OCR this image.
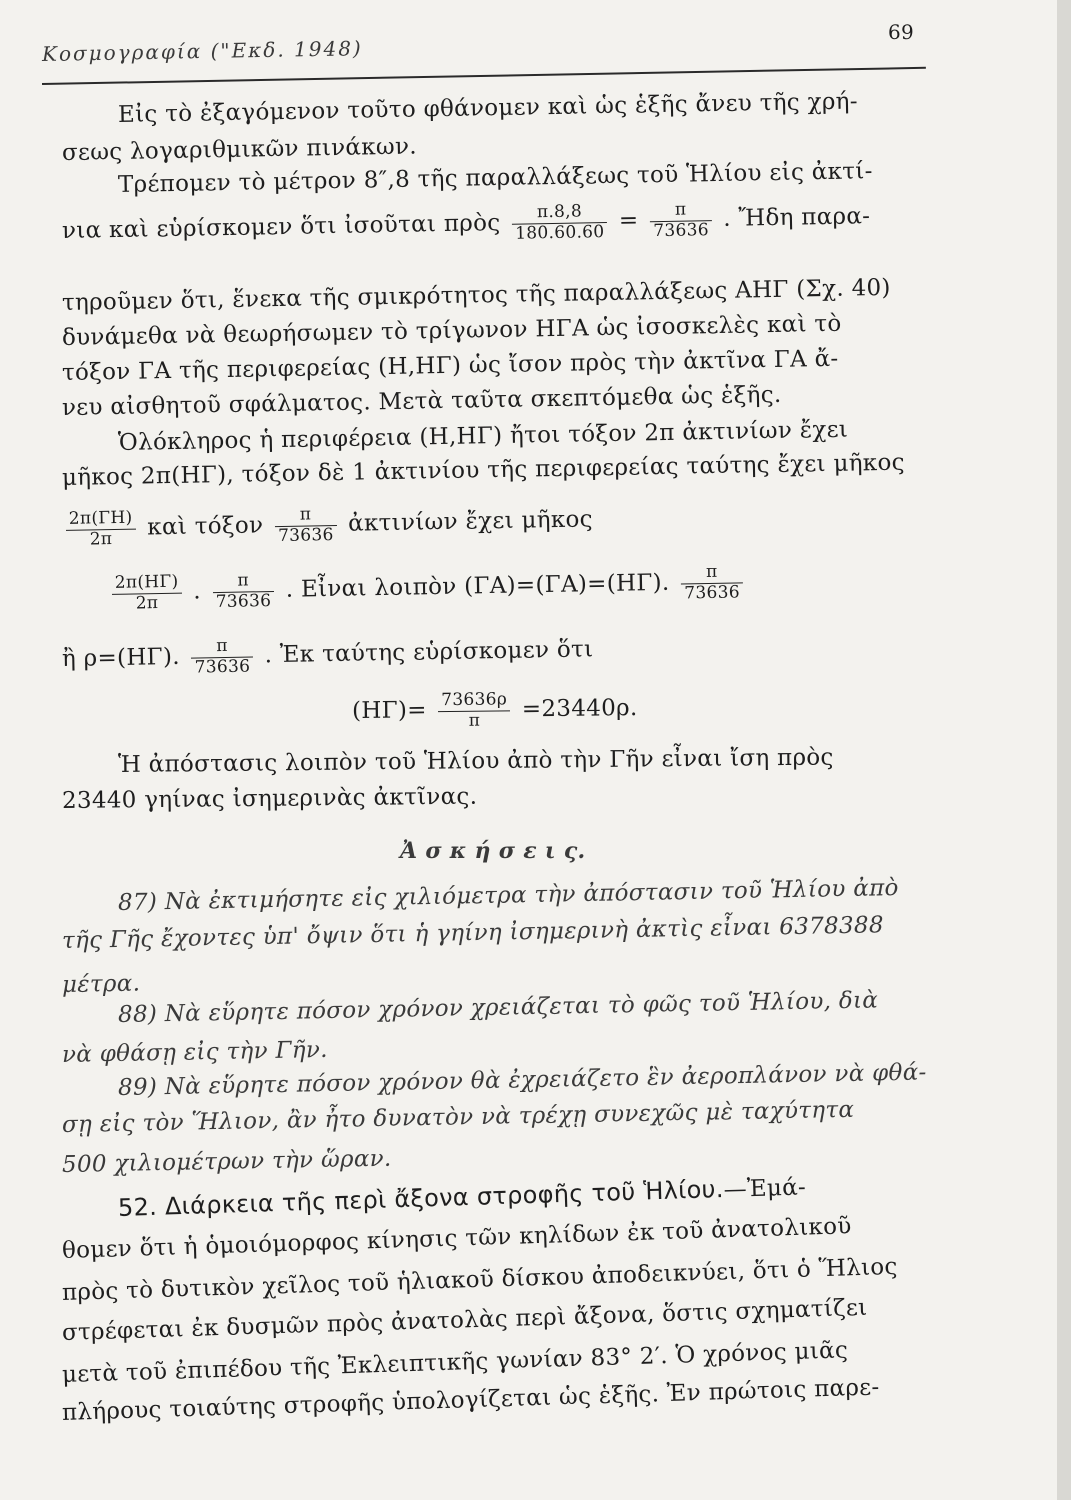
Κοσμογραφία ("Εκδ. 1948)
69
Εἰς τὸ ἐξαγόμενον τοῦτο φθάνομεν καὶ ὡς ἑξῆς ἄνευ τῆς χρή-
σεως λογαριθμικῶν πινάκων.
Τρέπομεν τὸ μέτρον 8″,8 τῆς παραλλάξεως τοῦ Ἡλίου εἰς ἀκτί-
νια καὶ εὑρίσκομεν ὅτι ἰσοῦται πρὸς $\frac{\pi.8,8}{180.60.60} = \frac{\pi}{73636}$ . Ἤδη παρα-
τηροῦμεν ὅτι, ἕνεκα τῆς σμικρότητος τῆς παραλλάξεως ΑΗΓ (Σχ. 40)
δυνάμεθα νὰ θεωρήσωμεν τὸ τρίγωνον ΗΓΑ ὡς ἰσοσκελὲς καὶ τὸ
τόξον ΓΑ τῆς περιφερείας (Η,ΗΓ) ὡς ἴσον πρὸς τὴν ἀκτῖνα ΓΑ ἄ-
νευ αἰσθητοῦ σφάλματος. Μετὰ ταῦτα σκεπτόμεθα ὡς ἑξῆς.
Ὁλόκληρος ἡ περιφέρεια (Η,ΗΓ) ἤτοι τόξον 2π ἀκτινίων ἔχει
μῆκος 2π(ΗΓ), τόξον δὲ 1 ἀκτινίου τῆς περιφερείας ταύτης ἔχει μῆκος
$\frac{2\pi(\Gamma H)}{2\pi}$ καὶ τόξον $\frac{\pi}{73636}$ ἀκτινίων ἔχει μῆκος
$\frac{2\pi(H\Gamma)}{2\pi}$ . $\frac{\pi}{73636}$ . Εἶναι λοιπὸν (ΓΑ)=(ΓΑ)=(ΗΓ). $\frac{\pi}{73636}$
ἢ ρ=(ΗΓ). $\frac{\pi}{73636}$ . Ἐκ ταύτης εὑρίσκομεν ὅτι
$(H\Gamma)= \frac{73636\rho}{\pi} =23440\rho$.
Ἡ ἀπόστασις λοιπὸν τοῦ Ἡλίου ἀπὸ τὴν Γῆν εἶναι ἴση πρὸς
23440 γηίνας ἰσημερινὰς ἀκτῖνας.
Ἀ σ κ ή σ ε ι ς.
87) Νὰ ἐκτιμήσητε εἰς χιλιόμετρα τὴν ἀπόστασιν τοῦ Ἡλίου ἀπὸ
τῆς Γῆς ἔχοντες ὑπ' ὄψιν ὅτι ἡ γηίνη ἰσημερινὴ ἀκτὶς εἶναι 6378388
μέτρα.
88) Νὰ εὕρητε πόσον χρόνον χρειάζεται τὸ φῶς τοῦ Ἡλίου, διὰ
νὰ φθάσῃ εἰς τὴν Γῆν.
89) Νὰ εὕρητε πόσον χρόνον θὰ ἐχρειάζετο ἓν ἀεροπλάνον νὰ φθά-
σῃ εἰς τὸν Ἥλιον, ἂν ἦτο δυνατὸν νὰ τρέχῃ συνεχῶς μὲ ταχύτητα
500 χιλιομέτρων τὴν ὥραν.
52. Διάρκεια τῆς περὶ ἄξονα στροφῆς τοῦ Ἡλίου.—Ἐμά-
θομεν ὅτι ἡ ὁμοιόμορφος κίνησις τῶν κηλίδων ἐκ τοῦ ἀνατολικοῦ
πρὸς τὸ δυτικὸν χεῖλος τοῦ ἡλιακοῦ δίσκου ἀποδεικνύει, ὅτι ὁ Ἥλιος
στρέφεται ἐκ δυσμῶν πρὸς ἀνατολὰς περὶ ἄξονα, ὅστις σχηματίζει
μετὰ τοῦ ἐπιπέδου τῆς Ἐκλειπτικῆς γωνίαν 83° 2′. Ὁ χρόνος μιᾶς
πλήρους τοιαύτης στροφῆς ὑπολογίζεται ὡς ἑξῆς. Ἐν πρώτοις παρε-
